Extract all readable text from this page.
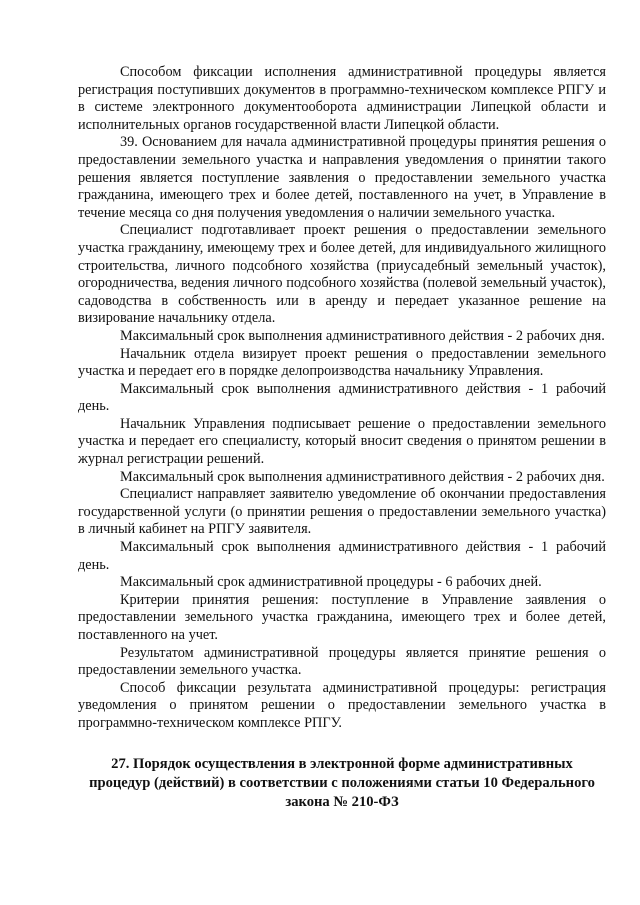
Способом фиксации исполнения административной процедуры является регистрация поступивших документов в программно-техническом комплексе РПГУ и в системе электронного документооборота администрации Липецкой области и исполнительных органов государственной власти Липецкой области.

39. Основанием для начала административной процедуры принятия решения о предоставлении земельного участка и направления уведомления о принятии такого решения является поступление заявления о предоставлении земельного участка гражданина, имеющего трех и более детей, поставленного на учет, в Управление в течение месяца со дня получения уведомления о наличии земельного участка.

Специалист подготавливает проект решения о предоставлении земельного участка гражданину, имеющему трех и более детей, для индивидуального жилищного строительства, личного подсобного хозяйства (приусадебный земельный участок), огородничества, ведения личного подсобного хозяйства (полевой земельный участок), садоводства в собственность или в аренду и передает указанное решение на визирование начальнику отдела.

Максимальный срок выполнения административного действия - 2 рабочих дня.

Начальник отдела визирует проект решения о предоставлении земельного участка и передает его в порядке делопроизводства начальнику Управления.

Максимальный срок выполнения административного действия - 1 рабочий день.

Начальник Управления подписывает решение о предоставлении земельного участка и передает его специалисту, который вносит сведения о принятом решении в журнал регистрации решений.

Максимальный срок выполнения административного действия - 2 рабочих дня.

Специалист направляет заявителю уведомление об окончании предоставления государственной услуги (о принятии решения о предоставлении земельного участка) в личный кабинет на РПГУ заявителя.

Максимальный срок выполнения административного действия - 1 рабочий день.

Максимальный срок административной процедуры - 6 рабочих дней.

Критерии принятия решения: поступление в Управление заявления о предоставлении земельного участка гражданина, имеющего трех и более детей, поставленного на учет.

Результатом административной процедуры является принятие решения о предоставлении земельного участка.

Способ фиксации результата административной процедуры: регистрация уведомления о принятом решении о предоставлении земельного участка в программно-техническом комплексе РПГУ.

27. Порядок осуществления в электронной форме административных процедур (действий) в соответствии с положениями статьи 10 Федерального закона № 210-ФЗ
